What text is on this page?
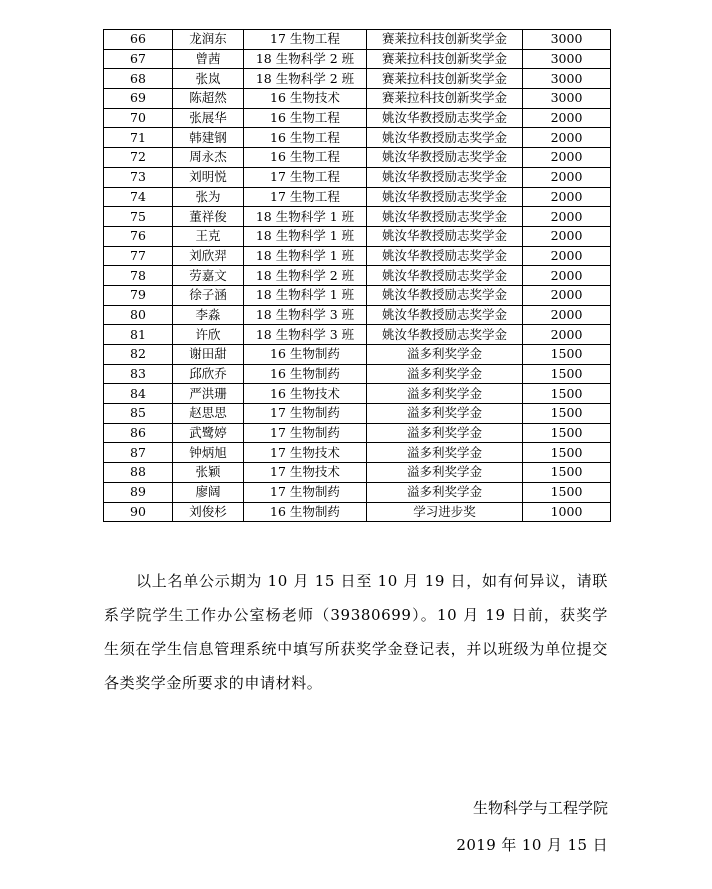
66	龙润东	17 生物工程	赛莱拉科技创新奖学金	3000
67	曾茜	18 生物科学 2 班	赛莱拉科技创新奖学金	3000
68	张岚	18 生物科学 2 班	赛莱拉科技创新奖学金	3000
69	陈超然	16 生物技术	赛莱拉科技创新奖学金	3000
70	张展华	16 生物工程	姚汝华教授励志奖学金	2000
71	韩建钢	16 生物工程	姚汝华教授励志奖学金	2000
72	周永杰	16 生物工程	姚汝华教授励志奖学金	2000
73	刘明悦	17 生物工程	姚汝华教授励志奖学金	2000
74	张为	17 生物工程	姚汝华教授励志奖学金	2000
75	董祥俊	18 生物科学 1 班	姚汝华教授励志奖学金	2000
76	王克	18 生物科学 1 班	姚汝华教授励志奖学金	2000
77	刘欣羿	18 生物科学 1 班	姚汝华教授励志奖学金	2000
78	劳嘉文	18 生物科学 2 班	姚汝华教授励志奖学金	2000
79	徐子涵	18 生物科学 1 班	姚汝华教授励志奖学金	2000
80	李淼	18 生物科学 3 班	姚汝华教授励志奖学金	2000
81	许欣	18 生物科学 3 班	姚汝华教授励志奖学金	2000
82	谢田甜	16 生物制药	溢多利奖学金	1500
83	邱欣乔	16 生物制药	溢多利奖学金	1500
84	严洪珊	16 生物技术	溢多利奖学金	1500
85	赵思思	17 生物制药	溢多利奖学金	1500
86	武鹭婷	17 生物制药	溢多利奖学金	1500
87	钟炳旭	17 生物技术	溢多利奖学金	1500
88	张颖	17 生物技术	溢多利奖学金	1500
89	廖阔	17 生物制药	溢多利奖学金	1500
90	刘俊杉	16 生物制药	学习进步奖	1000

以上名单公示期为 10 月 15 日至 10 月 19 日，如有何异议，请联系学院学生工作办公室杨老师（39380699）。10 月 19 日前，获奖学生须在学生信息管理系统中填写所获奖学金登记表，并以班级为单位提交各类奖学金所要求的申请材料。

生物科学与工程学院

2019 年 10 月 15 日
